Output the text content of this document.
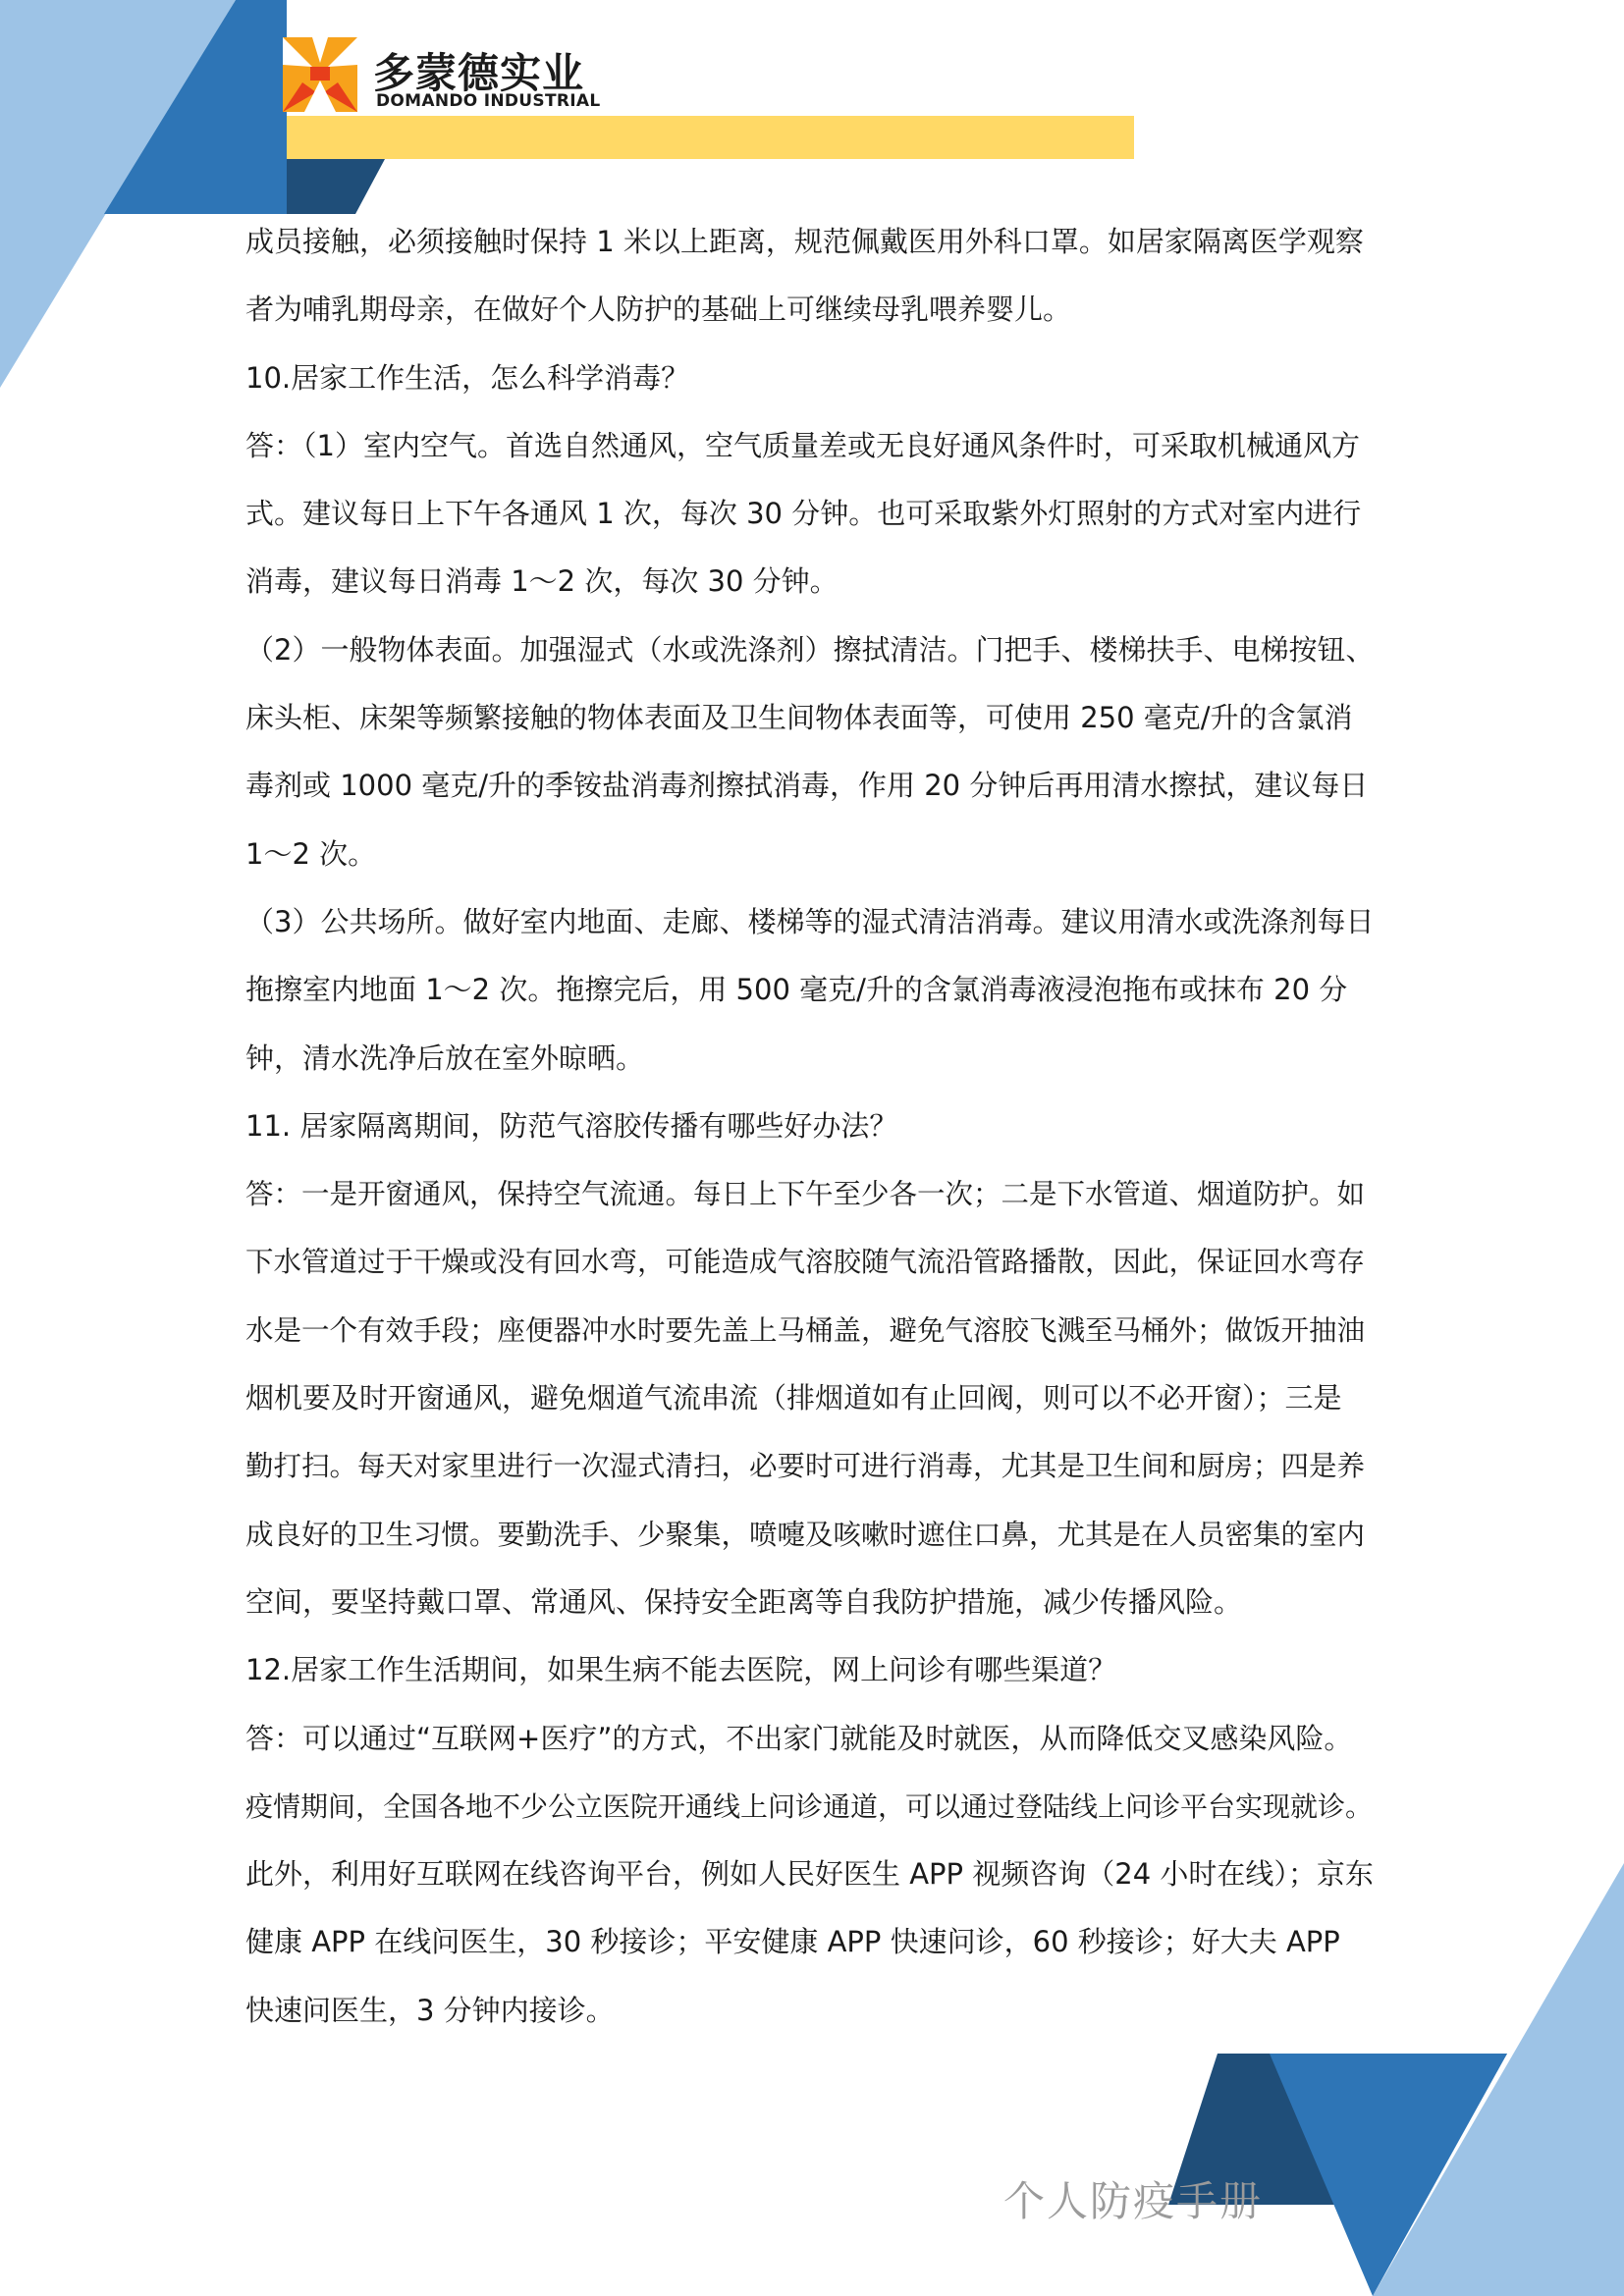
多蒙德实业
DOMANDO INDUSTRIAL

成员接触，必须接触时保持 1 米以上距离，规范佩戴医用外科口罩。如居家隔离医学观察

者为哺乳期母亲，在做好个人防护的基础上可继续母乳喂养婴儿。

10.居家工作生活，怎么科学消毒？

答：（1）室内空气。首选自然通风，空气质量差或无良好通风条件时，可采取机械通风方

式。建议每日上下午各通风 1 次，每次 30 分钟。也可采取紫外灯照射的方式对室内进行

消毒，建议每日消毒 1～2 次，每次 30 分钟。

（2）一般物体表面。加强湿式（水或洗涤剂）擦拭清洁。门把手、楼梯扶手、电梯按钮、

床头柜、床架等频繁接触的物体表面及卫生间物体表面等，可使用 250 毫克/升的含氯消

毒剂或 1000 毫克/升的季铵盐消毒剂擦拭消毒，作用 20 分钟后再用清水擦拭，建议每日

1～2 次。

（3）公共场所。做好室内地面、走廊、楼梯等的湿式清洁消毒。建议用清水或洗涤剂每日

拖擦室内地面 1～2 次。拖擦完后，用 500 毫克/升的含氯消毒液浸泡拖布或抹布 20 分

钟，清水洗净后放在室外晾晒。

11. 居家隔离期间，防范气溶胶传播有哪些好办法？

答：一是开窗通风，保持空气流通。每日上下午至少各一次；二是下水管道、烟道防护。如

下水管道过于干燥或没有回水弯，可能造成气溶胶随气流沿管路播散，因此，保证回水弯存

水是一个有效手段；座便器冲水时要先盖上马桶盖，避免气溶胶飞溅至马桶外；做饭开抽油

烟机要及时开窗通风，避免烟道气流串流（排烟道如有止回阀，则可以不必开窗）；三是

勤打扫。每天对家里进行一次湿式清扫，必要时可进行消毒，尤其是卫生间和厨房；四是养

成良好的卫生习惯。要勤洗手、少聚集，喷嚏及咳嗽时遮住口鼻，尤其是在人员密集的室内

空间，要坚持戴口罩、常通风、保持安全距离等自我防护措施，减少传播风险。

12.居家工作生活期间，如果生病不能去医院，网上问诊有哪些渠道？

答：可以通过“互联网+医疗”的方式，不出家门就能及时就医，从而降低交叉感染风险。

疫情期间，全国各地不少公立医院开通线上问诊通道，可以通过登陆线上问诊平台实现就诊。

此外，利用好互联网在线咨询平台，例如人民好医生 APP 视频咨询（24 小时在线）；京东

健康 APP 在线问医生，30 秒接诊；平安健康 APP 快速问诊，60 秒接诊；好大夫 APP

快速问医生，3 分钟内接诊。

个人防疫手册
